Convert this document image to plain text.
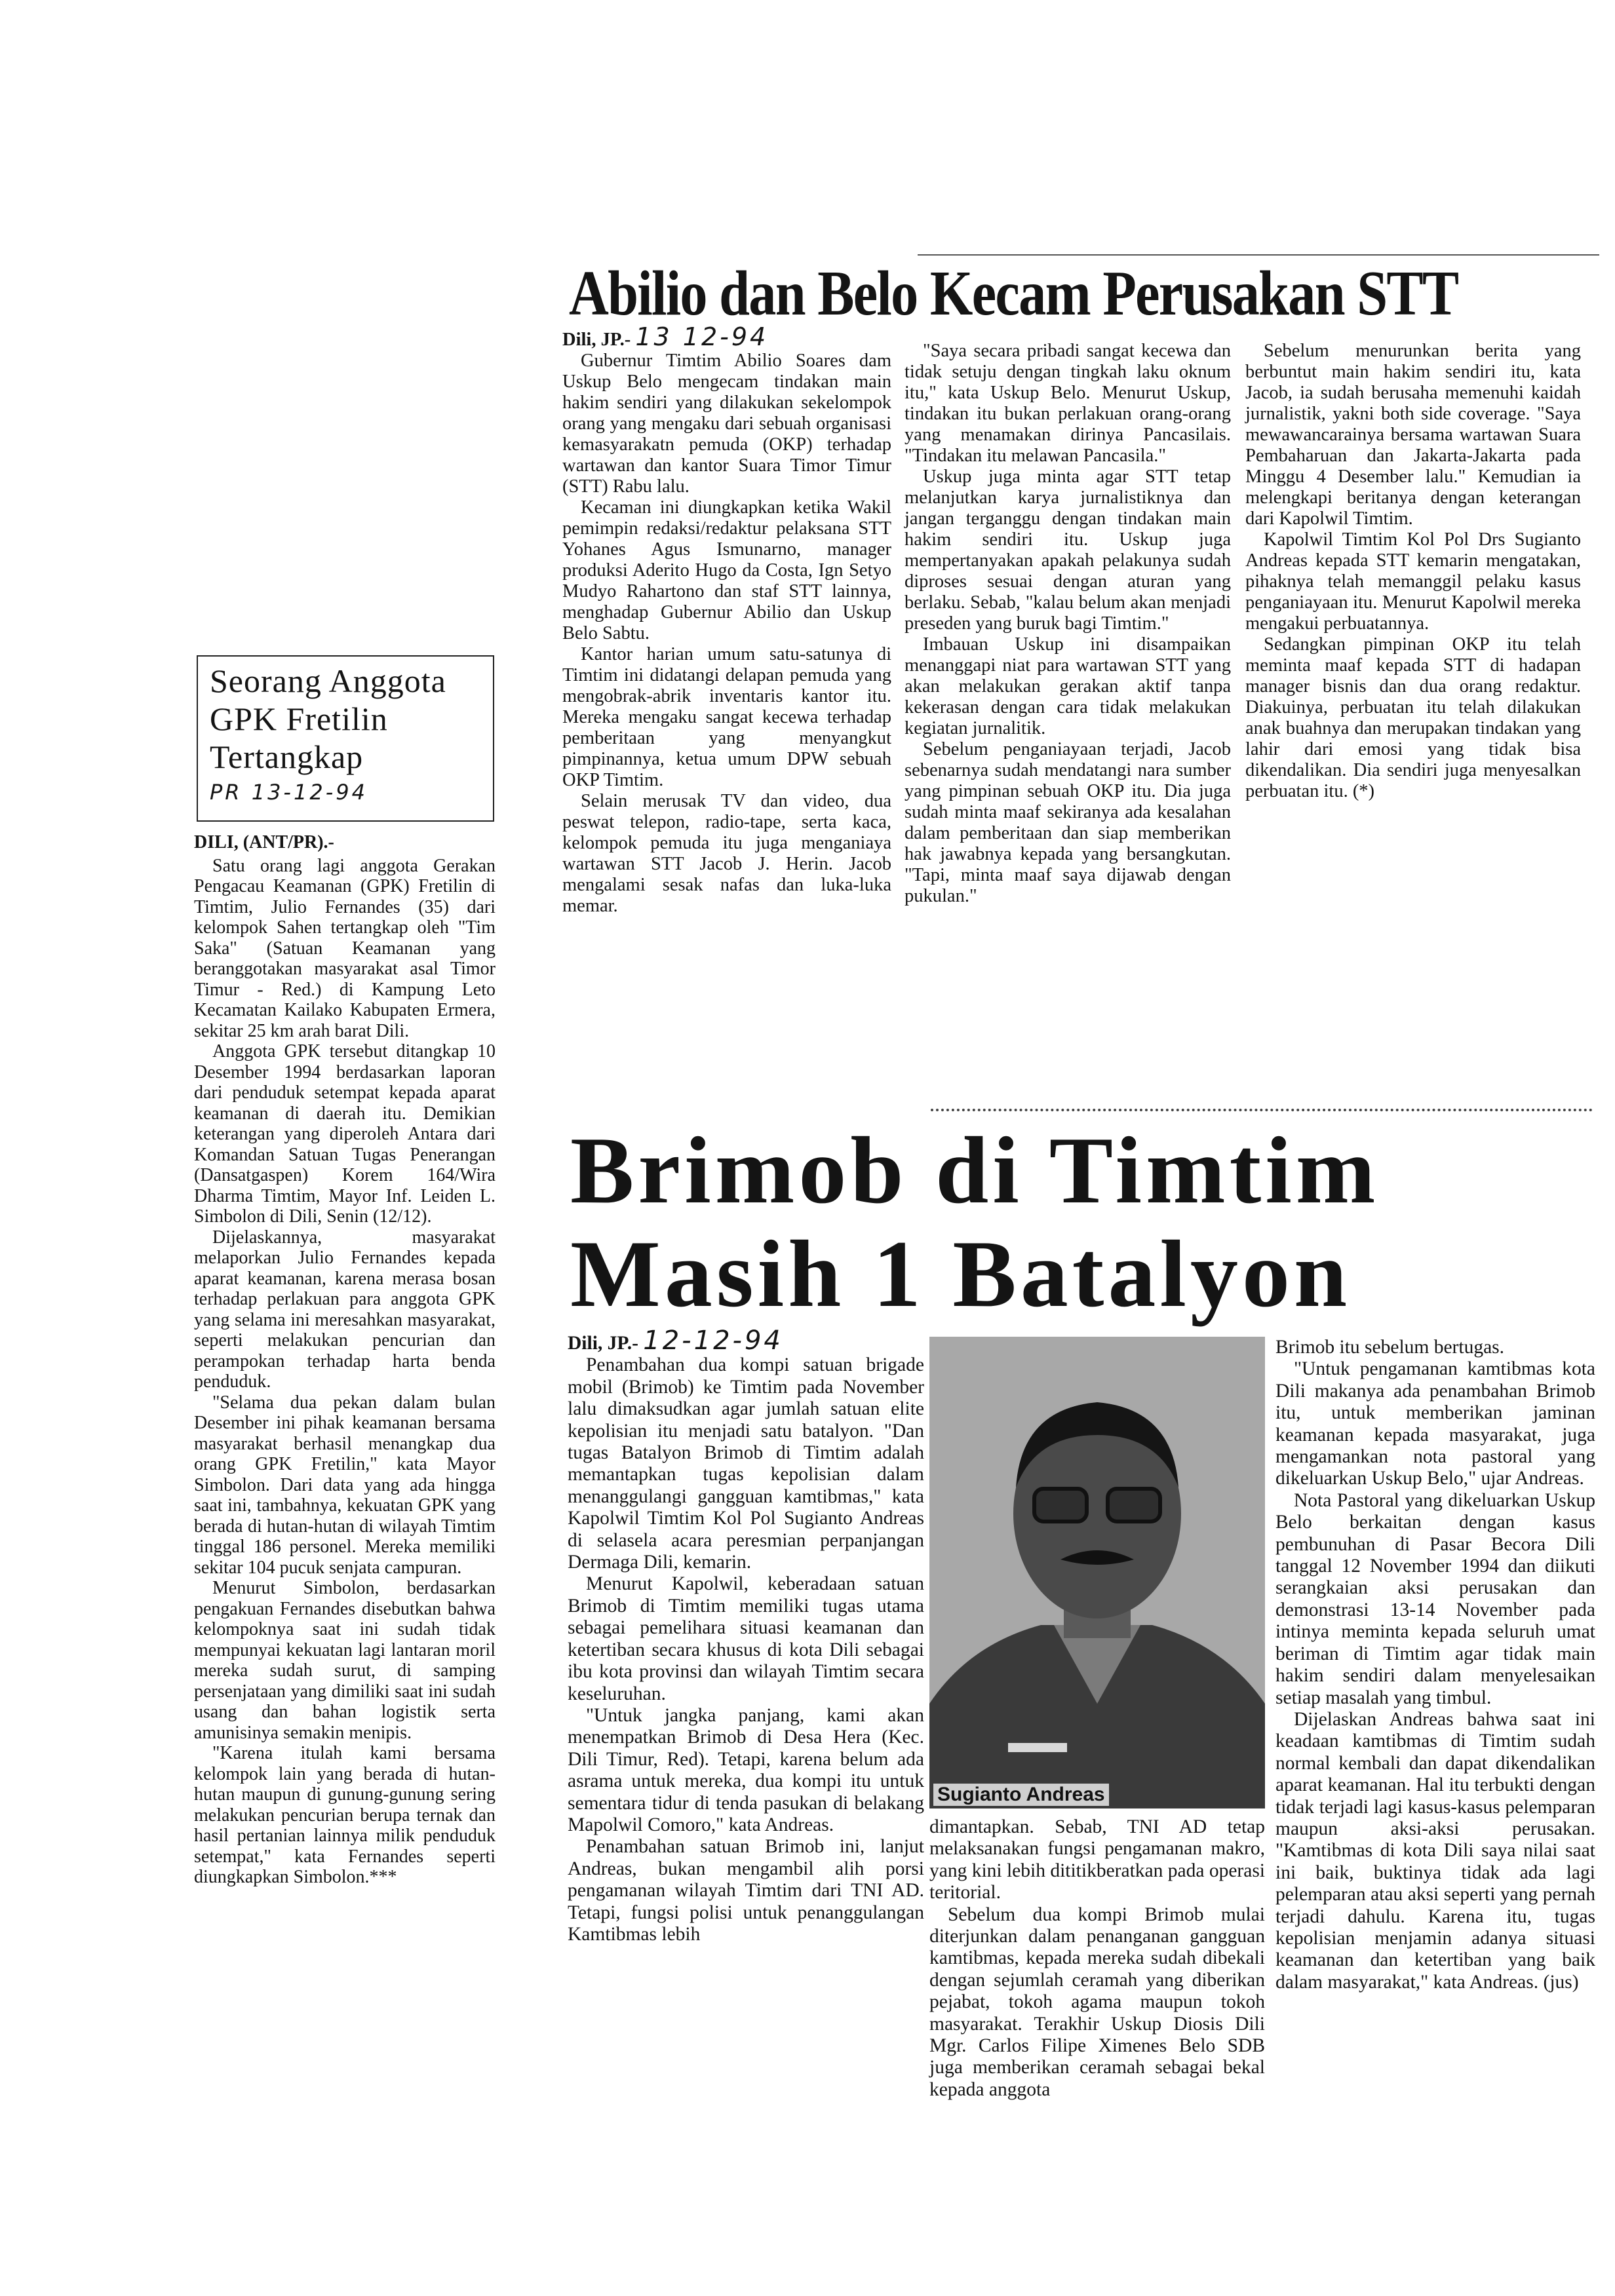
Seorang Anggota
GPK Fretilin
Tertangkap
PR 13-12-94
DILI, (ANT/PR).-

Satu orang lagi anggota Gerakan Pengacau Keamanan (GPK) Fretilin di Timtim, Julio Fernandes (35) dari kelompok Sahen tertangkap oleh "Tim Saka" (Satuan Keamanan yang beranggotakan masyarakat asal Timor Timur - Red.) di Kampung Leto Kecamatan Kailako Kabupaten Ermera, sekitar 25 km arah barat Dili.

Anggota GPK tersebut ditangkap 10 Desember 1994 berdasarkan laporan dari penduduk setempat kepada aparat keamanan di daerah itu. Demikian keterangan yang diperoleh Antara dari Komandan Satuan Tugas Penerangan (Dansatgaspen) Korem 164/Wira Dharma Timtim, Mayor Inf. Leiden L. Simbolon di Dili, Senin (12/12).

Dijelaskannya, masyarakat melaporkan Julio Fernandes kepada aparat keamanan, karena merasa bosan terhadap perlakuan para anggota GPK yang selama ini meresahkan masyarakat, seperti melakukan pencurian dan perampokan terhadap harta benda penduduk.

"Selama dua pekan dalam bulan Desember ini pihak keamanan bersama masyarakat berhasil menangkap dua orang GPK Fretilin," kata Mayor Simbolon. Dari data yang ada hingga saat ini, tambahnya, kekuatan GPK yang berada di hutan-hutan di wilayah Timtim tinggal 186 personel. Mereka memiliki sekitar 104 pucuk senjata campuran.

Menurut Simbolon, berdasarkan pengakuan Fernandes disebutkan bahwa kelompoknya saat ini sudah tidak mempunyai kekuatan lagi lantaran moril mereka sudah surut, di samping persenjataan yang dimiliki saat ini sudah usang dan bahan logistik serta amunisinya semakin menipis.

"Karena itulah kami bersama kelompok lain yang berada di hutan-hutan maupun di gunung-gunung sering melakukan pencurian berupa ternak dan hasil pertanian lainnya milik penduduk setempat," kata Fernandes seperti diungkapkan Simbolon.***

Abilio dan Belo Kecam Perusakan STT
Dili, JP.- 13 12-94

Gubernur Timtim Abilio Soares dam Uskup Belo mengecam tindakan main hakim sendiri yang dilakukan sekelompok orang yang mengaku dari sebuah organisasi kemasyarakatn pemuda (OKP) terhadap wartawan dan kantor Suara Timor Timur (STT) Rabu lalu.

Kecaman ini diungkapkan ketika Wakil pemimpin redaksi/redaktur pelaksana STT Yohanes Agus Ismunarno, manager produksi Aderito Hugo da Costa, Ign Setyo Mudyo Rahartono dan staf STT lainnya, menghadap Gubernur Abilio dan Uskup Belo Sabtu.

Kantor harian umum satu-satunya di Timtim ini didatangi delapan pemuda yang mengobrak-abrik inventaris kantor itu. Mereka mengaku sangat kecewa terhadap pemberitaan yang menyangkut pimpinannya, ketua umum DPW sebuah OKP Timtim.

Selain merusak TV dan video, dua peswat telepon, radio-tape, serta kaca, kelompok pemuda itu juga menganiaya wartawan STT Jacob J. Herin. Jacob mengalami sesak nafas dan luka-luka memar.

"Saya secara pribadi sangat kecewa dan tidak setuju dengan tingkah laku oknum itu," kata Uskup Belo. Menurut Uskup, tindakan itu bukan perlakuan orang-orang yang menamakan dirinya Pancasilais. "Tindakan itu melawan Pancasila."

Uskup juga minta agar STT tetap melanjutkan karya jurnalistiknya dan jangan terganggu dengan tindakan main hakim sendiri itu. Uskup juga mempertanyakan apakah pelakunya sudah diproses sesuai dengan aturan yang berlaku. Sebab, "kalau belum akan menjadi preseden yang buruk bagi Timtim."

Imbauan Uskup ini disampaikan menanggapi niat para wartawan STT yang akan melakukan gerakan aktif tanpa kekerasan dengan cara tidak melakukan kegiatan jurnalitik.

Sebelum penganiayaan terjadi, Jacob sebenarnya sudah mendatangi nara sumber yang pimpinan sebuah OKP itu. Dia juga sudah minta maaf sekiranya ada kesalahan dalam pemberitaan dan siap memberikan hak jawabnya kepada yang bersangkutan. "Tapi, minta maaf saya dijawab dengan pukulan."

Sebelum menurunkan berita yang berbuntut main hakim sendiri itu, kata Jacob, ia sudah berusaha memenuhi kaidah jurnalistik, yakni both side coverage. "Saya mewawancarainya bersama wartawan Suara Pembaharuan dan Jakarta-Jakarta pada Minggu 4 Desember lalu." Kemudian ia melengkapi beritanya dengan keterangan dari Kapolwil Timtim.

Kapolwil Timtim Kol Pol Drs Sugianto Andreas kepada STT kemarin mengatakan, pihaknya telah memanggil pelaku kasus penganiayaan itu. Menurut Kapolwil mereka mengakui perbuatannya.

Sedangkan pimpinan OKP itu telah meminta maaf kepada STT di hadapan manager bisnis dan dua orang redaktur. Diakuinya, perbuatan itu telah dilakukan anak buahnya dan merupakan tindakan yang lahir dari emosi yang tidak bisa dikendalikan. Dia sendiri juga menyesalkan perbuatan itu. (*)

Brimob di Timtim
Masih 1 Batalyon
Dili, JP.- 12-12-94

Penambahan dua kompi satuan brigade mobil (Brimob) ke Timtim pada November lalu dimaksudkan agar jumlah satuan elite kepolisian itu menjadi satu batalyon. "Dan tugas Batalyon Brimob di Timtim adalah memantapkan tugas kepolisian dalam menanggulangi gangguan kamtibmas," kata Kapolwil Timtim Kol Pol Sugianto Andreas di selasela acara peresmian perpanjangan Dermaga Dili, kemarin.

Menurut Kapolwil, keberadaan satuan Brimob di Timtim memiliki tugas utama sebagai pemelihara situasi keamanan dan ketertiban secara khusus di kota Dili sebagai ibu kota provinsi dan wilayah Timtim secara keseluruhan.

"Untuk jangka panjang, kami akan menempatkan Brimob di Desa Hera (Kec. Dili Timur, Red). Tetapi, karena belum ada asrama untuk mereka, dua kompi itu untuk sementara tidur di tenda pasukan di belakang Mapolwil Comoro," kata Andreas.

Penambahan satuan Brimob ini, lanjut Andreas, bukan mengambil alih porsi pengamanan wilayah Timtim dari TNI AD. Tetapi, fungsi polisi untuk penanggulangan Kamtibmas lebih

Sugianto Andreas

dimantapkan. Sebab, TNI AD tetap melaksanakan fungsi pengamanan makro, yang kini lebih dititikberatkan pada operasi teritorial.

Sebelum dua kompi Brimob mulai diterjunkan dalam penanganan gangguan kamtibmas, kepada mereka sudah dibekali dengan sejumlah ceramah yang diberikan pejabat, tokoh agama maupun tokoh masyarakat. Terakhir Uskup Diosis Dili Mgr. Carlos Filipe Ximenes Belo SDB juga memberikan ceramah sebagai bekal kepada anggota

Brimob itu sebelum bertugas.

"Untuk pengamanan kamtibmas kota Dili makanya ada penambahan Brimob itu, untuk memberikan jaminan keamanan kepada masyarakat, juga mengamankan nota pastoral yang dikeluarkan Uskup Belo," ujar Andreas.

Nota Pastoral yang dikeluarkan Uskup Belo berkaitan dengan kasus pembunuhan di Pasar Becora Dili tanggal 12 November 1994 dan diikuti serangkaian aksi perusakan dan demonstrasi 13-14 November pada intinya meminta kepada seluruh umat beriman di Timtim agar tidak main hakim sendiri dalam menyelesaikan setiap masalah yang timbul.

Dijelaskan Andreas bahwa saat ini keadaan kamtibmas di Timtim sudah normal kembali dan dapat dikendalikan aparat keamanan. Hal itu terbukti dengan tidak terjadi lagi kasus-kasus pelemparan maupun aksi-aksi perusakan. "Kamtibmas di kota Dili saya nilai saat ini baik, buktinya tidak ada lagi pelemparan atau aksi seperti yang pernah terjadi dahulu. Karena itu, tugas kepolisian menjamin adanya situasi keamanan dan ketertiban yang baik dalam masyarakat," kata Andreas. (jus)
